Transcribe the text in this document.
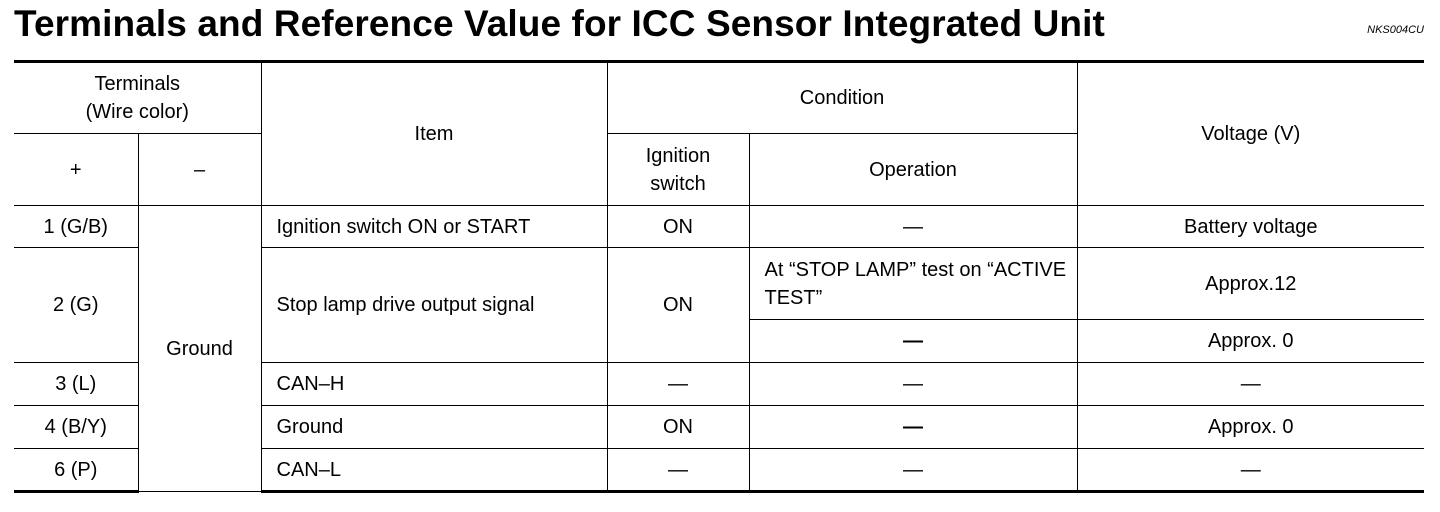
Terminals and Reference Value for ICC Sensor Integrated Unit	NKS004CU
Terminals
(Wire color)		Item	Condition		Voltage (V)
+	–		Ignition
switch	Operation	
1 (G/B)	Ground	Ignition switch ON or START	ON	—	Battery voltage
2 (G)		Stop lamp drive output signal	ON	At “STOP LAMP” test on “ACTIVE TEST”	Approx.12
				—	Approx. 0
3 (L)		CAN–H	—	—	—
4 (B/Y)		Ground	ON	—	Approx. 0
6 (P)		CAN–L	—	—	—
